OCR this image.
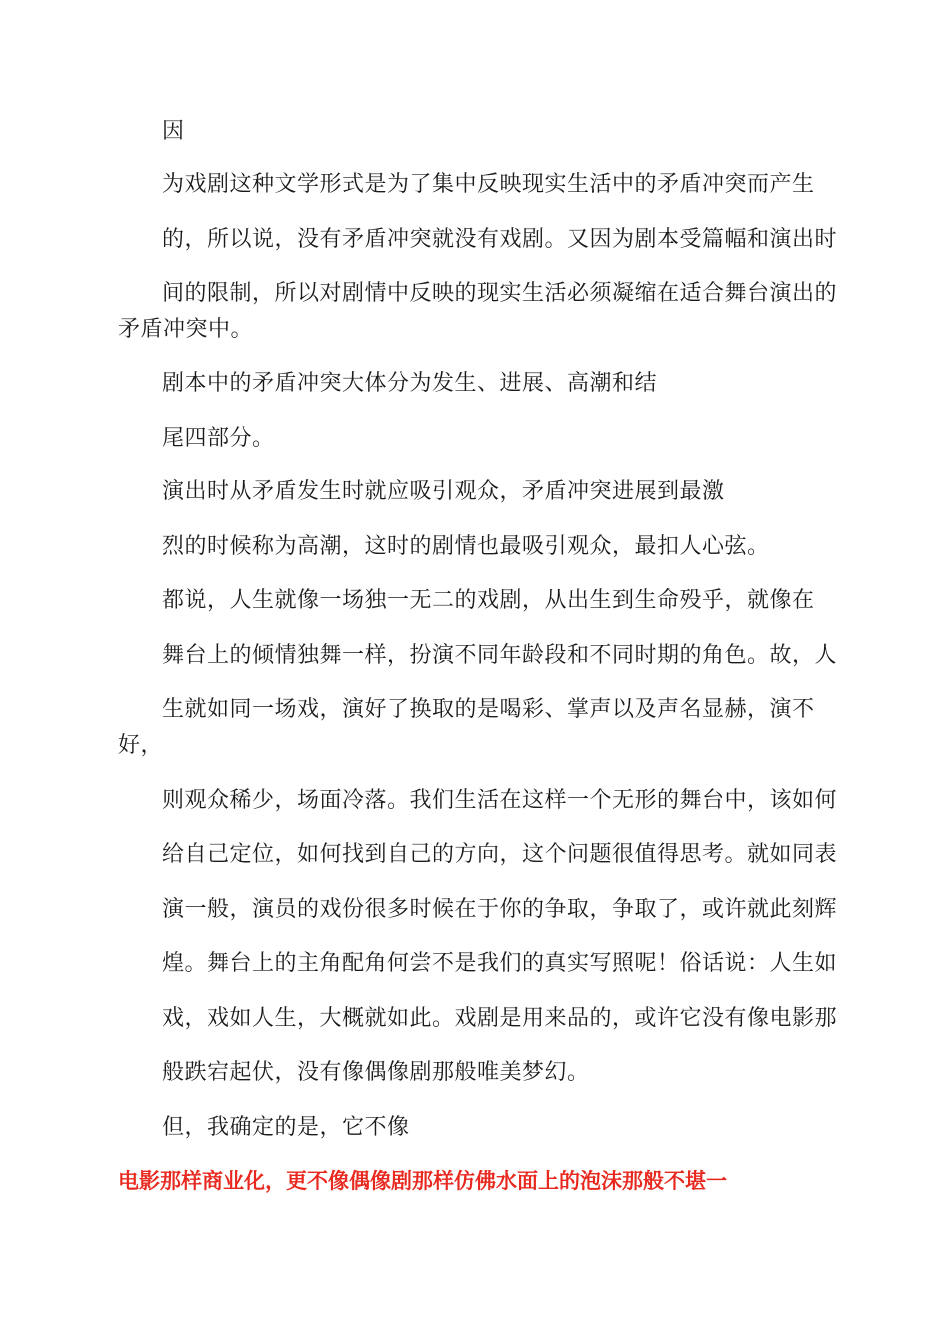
因
为戏剧这种文学形式是为了集中反映现实生活中的矛盾冲突而产生
的，所以说，没有矛盾冲突就没有戏剧。又因为剧本受篇幅和演出时
间的限制，所以对剧情中反映的现实生活必须凝缩在适合舞台演出的
矛盾冲突中。
剧本中的矛盾冲突大体分为发生、进展、高潮和结
尾四部分。
演出时从矛盾发生时就应吸引观众，矛盾冲突进展到最激
烈的时候称为高潮，这时的剧情也最吸引观众，最扣人心弦。
都说，人生就像一场独一无二的戏剧，从出生到生命殁乎，就像在
舞台上的倾情独舞一样，扮演不同年龄段和不同时期的角色。故，人
生就如同一场戏，演好了换取的是喝彩、掌声以及声名显赫，演不
好，
则观众稀少，场面冷落。我们生活在这样一个无形的舞台中，该如何
给自己定位，如何找到自己的方向，这个问题很值得思考。就如同表
演一般，演员的戏份很多时候在于你的争取，争取了，或许就此刻辉
煌。舞台上的主角配角何尝不是我们的真实写照呢！俗话说：人生如
戏，戏如人生，大概就如此。戏剧是用来品的，或许它没有像电影那
般跌宕起伏，没有像偶像剧那般唯美梦幻。
但，我确定的是，它不像
电影那样商业化，更不像偶像剧那样仿佛水面上的泡沫那般不堪一
